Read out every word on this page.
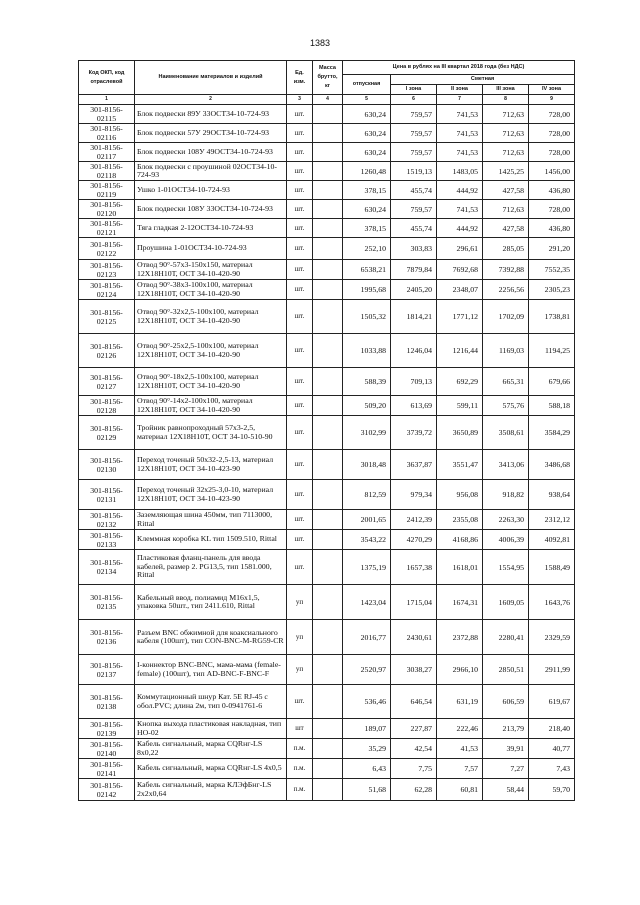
1383
Код ОКП, код отраслевой	Наименование материалов и изделий	Ед. изм.	Масса брутто, кг	Цена в рублях на III квартал 2018 года (без НДС)				
				отпускная	Сметная			
					I зона	II зона	III зона	IV зона
1	2	3	4	5	6	7	8	9
301-8156-02115	Блок подвески 89У 33ОСТ34-10-724-93	шт.		630,24	759,57	741,53	712,63	728,00
301-8156-02116	Блок подвески 57У 29ОСТ34-10-724-93	шт.		630,24	759,57	741,53	712,63	728,00
301-8156-02117	Блок подвески 108У 49ОСТ34-10-724-93	шт.		630,24	759,57	741,53	712,63	728,00
301-8156-02118	Блок подвески с проушиной 02ОСТ34-10-724-93	шт.		1260,48	1519,13	1483,05	1425,25	1456,00
301-8156-02119	Ушко 1-01ОСТ34-10-724-93	шт.		378,15	455,74	444,92	427,58	436,80
301-8156-02120	Блок подвески 108У 33ОСТ34-10-724-93	шт.		630,24	759,57	741,53	712,63	728,00
301-8156-02121	Тяга гладкая 2-12ОСТ34-10-724-93	шт.		378,15	455,74	444,92	427,58	436,80
301-8156-02122	Проушина 1-01ОСТ34-10-724-93	шт.		252,10	303,83	296,61	285,05	291,20
301-8156-02123	Отвод 90°-57х3-150х150, материал 12Х18Н10Т, ОСТ 34-10-420-90	шт.		6538,21	7879,84	7692,68	7392,88	7552,35
301-8156-02124	Отвод 90°-38х3-100х100, материал 12Х18Н10Т, ОСТ 34-10-420-90	шт.		1995,68	2405,20	2348,07	2256,56	2305,23
301-8156-02125	Отвод 90°-32х2,5-100х100, материал 12Х18Н10Т, ОСТ 34-10-420-90	шт.		1505,32	1814,21	1771,12	1702,09	1738,81
301-8156-02126	Отвод 90°-25х2,5-100х100, материал 12Х18Н10Т, ОСТ 34-10-420-90	шт.		1033,88	1246,04	1216,44	1169,03	1194,25
301-8156-02127	Отвод 90°-18х2,5-100х100, материал 12Х18Н10Т, ОСТ 34-10-420-90	шт.		588,39	709,13	692,29	665,31	679,66
301-8156-02128	Отвод 90°-14х2-100х100, материал 12Х18Н10Т, ОСТ 34-10-420-90	шт.		509,20	613,69	599,11	575,76	588,18
301-8156-02129	Тройник равнопроходный 57х3-2,5, материал 12Х18Н10Т, ОСТ 34-10-510-90	шт.		3102,99	3739,72	3650,89	3508,61	3584,29
301-8156-02130	Переход точеный 50х32-2,5-13, материал 12Х18Н10Т, ОСТ 34-10-423-90	шт.		3018,48	3637,87	3551,47	3413,06	3486,68
301-8156-02131	Переход точеный 32х25-3,0-10, материал 12Х18Н10Т, ОСТ 34-10-423-90	шт.		812,59	979,34	956,08	918,82	938,64
301-8156-02132	Заземляющая шина 450мм, тип 7113000, Rittal	шт.		2001,65	2412,39	2355,08	2263,30	2312,12
301-8156-02133	Клеммная коробка KL тип 1509.510, Rittal	шт.		3543,22	4270,29	4168,86	4006,39	4092,81
301-8156-02134	Пластиковая фланц-панель для ввода кабелей, размер 2. PG13,5, тип 1581.000, Rittal	шт.		1375,19	1657,38	1618,01	1554,95	1588,49
301-8156-02135	Кабельный ввод, полиамид М16х1,5, упаковка 50шт., тип 2411.610, Rittal	уп		1423,04	1715,04	1674,31	1609,05	1643,76
301-8156-02136	Разъем BNC обжимной для коаксиального кабеля (100шт), тип CON-BNC-M-RG59-CR	уп		2016,77	2430,61	2372,88	2280,41	2329,59
301-8156-02137	I-коннектор BNC-BNC, мама-мама (female-female) (100шт), тип AD-BNC-F-BNC-F	уп		2520,97	3038,27	2966,10	2850,51	2911,99
301-8156-02138	Коммутационный шнур Кат. 5Е RJ-45 с обол.PVC; длина 2м, тип 0-0941761-6	шт.		536,46	646,54	631,19	606,59	619,67
301-8156-02139	Кнопка выхода пластиковая накладная, тип НО-02	шт		189,07	227,87	222,46	213,79	218,40
301-8156-02140	Кабель сигнальный, марка CQRнг-LS 8х0,22	п.м.		35,29	42,54	41,53	39,91	40,77
301-8156-02141	Кабель сигнальный, марка CQRнг-LS 4х0,5	п.м.		6,43	7,75	7,57	7,27	7,43
301-8156-02142	Кабель сигнальный, марка КЛЭфБнг-LS 2х2х0,64	п.м.		51,68	62,28	60,81	58,44	59,70
